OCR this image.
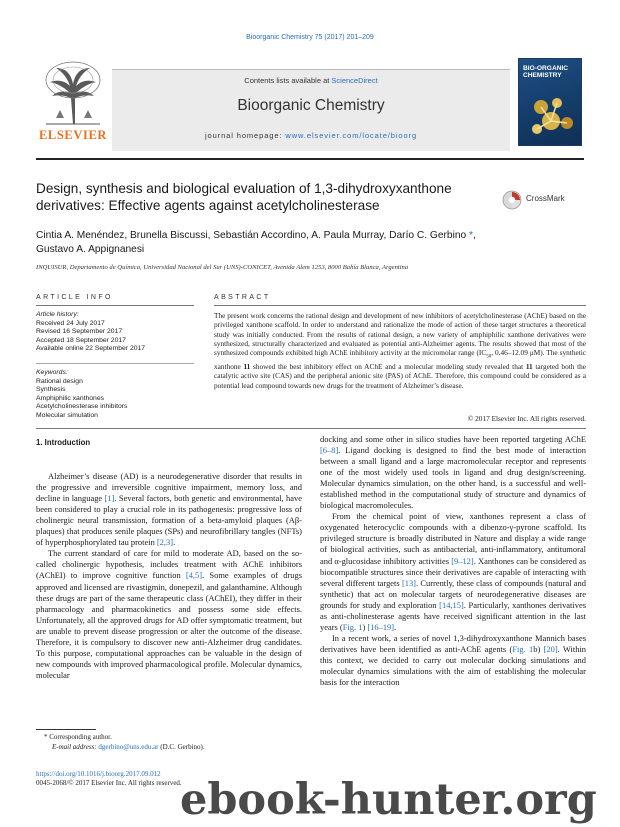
Bioorganic Chemistry 75 (2017) 201–209
ELSEVIER
Contents lists available at ScienceDirect
Bioorganic Chemistry
journal homepage: www.elsevier.com/locate/bioorg
BIO-ORGANIC CHEMISTRY
Design, synthesis and biological evaluation of 1,3-dihydroxyxanthone derivatives: Effective agents against acetylcholinesterase	CrossMark
Cintia A. Menéndez, Brunella Biscussi, Sebastián Accordino, A. Paula Murray, Darío C. Gerbino *,
Gustavo A. Appignanesi
INQUISUR, Departamento de Química, Universidad Nacional del Sur (UNS)-CONICET, Avenida Alem 1253, 8000 Bahía Blanca, Argentina
ARTICLE INFO	ABSTRACT
Article history:
Received 24 July 2017
Revised 16 September 2017
Accepted 18 September 2017
Available online 22 September 2017
Keywords:
Rational design
Synthesis
Amphiphilic xanthones
Acetylcholinesterase inhibitors
Molecular simulation
The present work concerns the rational design and development of new inhibitors of acetylcholinesterase (AChE) based on the privileged xanthone scaffold. In order to understand and rationalize the mode of action of these target structures a theoretical study was initially conducted. From the results of rational design, a new variety of amphiphilic xanthone derivatives were synthesized, structurally characterized and evaluated as potential anti-Alzheimer agents. The results showed that most of the synthesized compounds exhibited high AChE inhibitory activity at the micromolar range ($IC_{50}$, 0.46–12.09 μM). The synthetic xanthone 11 showed the best inhibitory effect on AChE and a molecular modeling study revealed that 11 targeted both the catalytic active site (CAS) and the peripheral anionic site (PAS) of AChE. Therefore, this compound could be considered as a potential lead compound towards new drugs for the treatment of Alzheimer’s disease.
© 2017 Elsevier Inc. All rights reserved.
1. Introduction

Alzheimer’s disease (AD) is a neurodegenerative disorder that results in the progressive and irreversible cognitive impairment, memory loss, and decline in language [1]. Several factors, both genetic and environmental, have been considered to play a crucial role in its pathogenesis: progressive loss of cholinergic neural transmission, formation of a beta-amyloid plaques (Aβ-plaques) that produces senile plaques (SPs) and neurofibrillary tangles (NFTs) of hyperphosphorylated tau protein [2,3].

The current standard of care for mild to moderate AD, based on the so-called cholinergic hypothesis, includes treatment with AChE inhibitors (AChEI) to improve cognitive function [4,5]. Some examples of drugs approved and licensed are rivastigmin, donepezil, and galanthamine. Although these drugs are part of the same therapeutic class (AChEI), they differ in their pharmacology and pharmacokinetics and possess some side effects. Unfortunately, all the approved drugs for AD offer symptomatic treatment, but are unable to prevent disease progression or alter the outcome of the disease. Therefore, it is compulsory to discover new anti-Alzheimer drug candidates. To this purpose, computational approaches can be valuable in the design of new compounds with improved pharmacological profile. Molecular dynamics, molecular

docking and some other in silico studies have been reported targeting AChE [6–8]. Ligand docking is designed to find the best mode of interaction between a small ligand and a large macromolecular receptor and represents one of the most widely used tools in ligand and drug design/screening. Molecular dynamics simulation, on the other hand, is a successful and well-established method in the computational study of structure and dynamics of biological macromolecules.

From the chemical point of view, xanthones represent a class of oxygenated heterocyclic compounds with a dibenzo-γ-pyrone scaffold. Its privileged structure is broadly distributed in Nature and display a wide range of biological activities, such as antibacterial, anti-inflammatory, antitumoral and α-glucosidase inhibitory activities [9–12]. Xanthones can be considered as biocompatible structures since their derivatives are capable of interacting with several different targets [13]. Currently, these class of compounds (natural and synthetic) that act on molecular targets of neurodegenerative diseases are grounds for study and exploration [14,15]. Particularly, xanthones derivatives as anti-cholinesterase agents have received significant attention in the last years (Fig. 1) [16–19].

In a recent work, a series of novel 1,3-dihydroxyxanthone Mannich bases derivatives have been identified as anti-AChE agents (Fig. 1b) [20]. Within this context, we decided to carry out molecular docking simulations and molecular dynamics simulations with the aim of establishing the molecular basis for the interaction

* Corresponding author.
E-mail address: dgerbino@uns.edu.ar (D.C. Gerbino).
https://doi.org/10.1016/j.bioorg.2017.09.012
0045-2068/© 2017 Elsevier Inc. All rights reserved.
ebook-hunter.org
